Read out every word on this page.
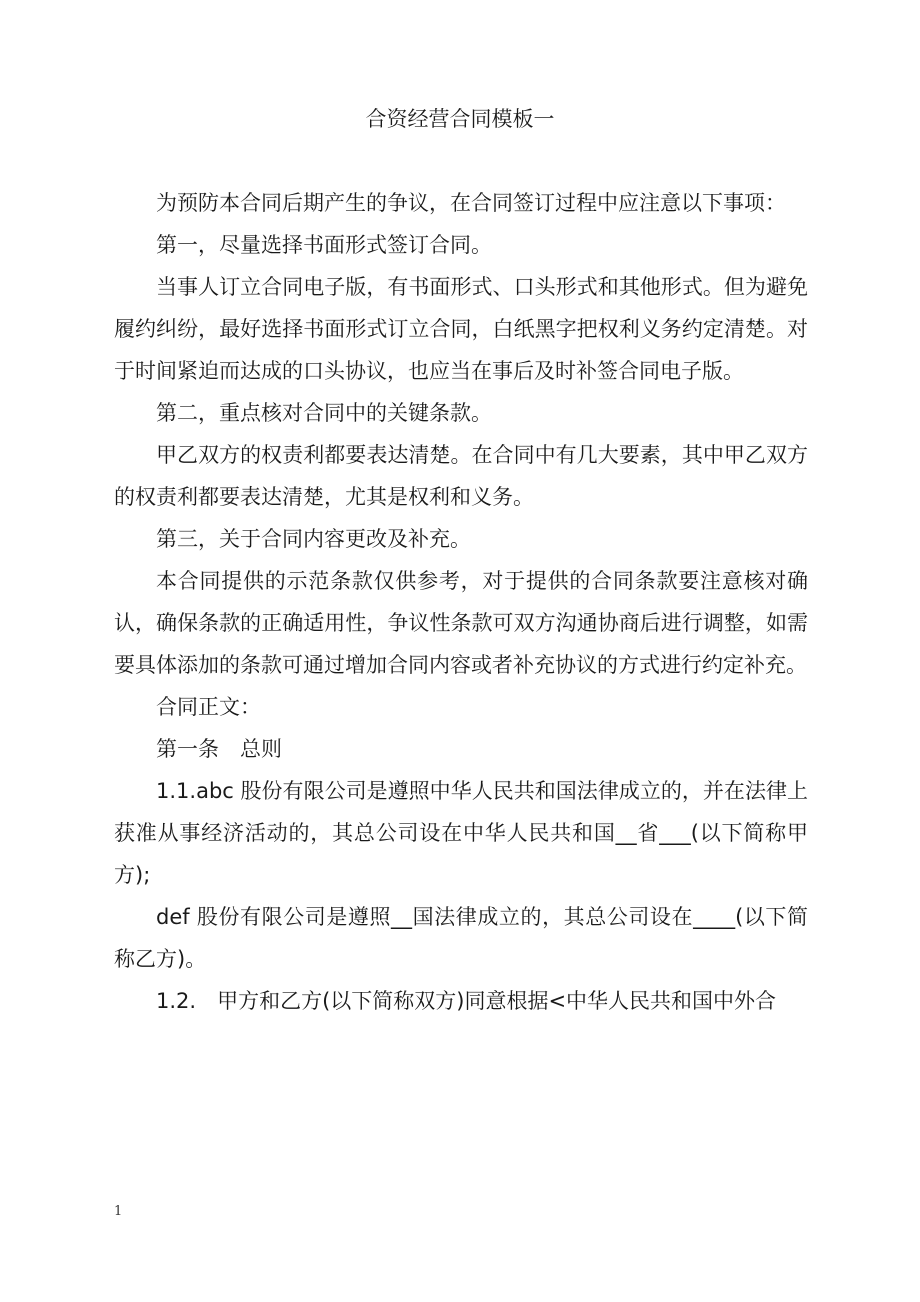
合资经营合同模板一

为预防本合同后期产生的争议，在合同签订过程中应注意以下事项：

第一，尽量选择书面形式签订合同。

当事人订立合同电子版，有书面形式、口头形式和其他形式。但为避免履约纠纷，最好选择书面形式订立合同，白纸黑字把权利义务约定清楚。对于时间紧迫而达成的口头协议，也应当在事后及时补签合同电子版。

第二，重点核对合同中的关键条款。

甲乙双方的权责利都要表达清楚。在合同中有几大要素，其中甲乙双方的权责利都要表达清楚，尤其是权利和义务。

第三，关于合同内容更改及补充。

本合同提供的示范条款仅供参考，对于提供的合同条款要注意核对确认，确保条款的正确适用性，争议性条款可双方沟通协商后进行调整，如需要具体添加的条款可通过增加合同内容或者补充协议的方式进行约定补充。

合同正文：

第一条　总则

1.1.abc 股份有限公司是遵照中华人民共和国法律成立的，并在法律上获准从事经济活动的，其总公司设在中华人民共和国__省___(以下简称甲方);

def 股份有限公司是遵照__国法律成立的，其总公司设在____(以下简称乙方)。

1.2.　甲方和乙方(以下简称双方)同意根据<中华人民共和国中外合

1
